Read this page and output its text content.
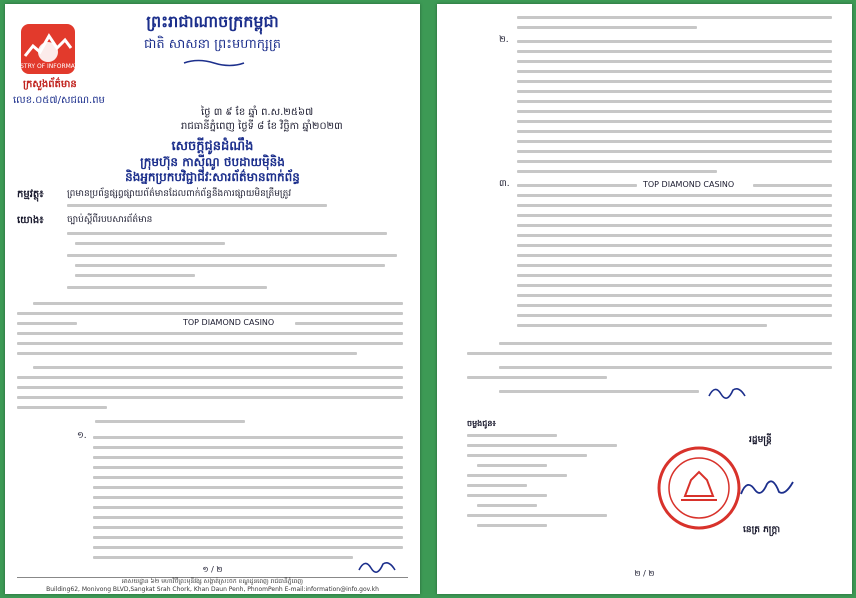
MINISTRY OF INFORMATION
ក្រសួងព័ត៌មាន
លេខ.០៥៧/សជណ.ពម
ព្រះរាជាណាចក្រកម្ពុជា
ជាតិ សាសនា ព្រះមហាក្សត្រ
ថ្ងៃ ៣ ៩ ខែ ឆ្នាំ ព.ស.២៥៦៧
រាជធានីភ្នំពេញ ថ្ងៃទី ៨ ខែ វិច្ឆិកា ឆ្នាំ២០២៣
សេចក្ដីជូនដំណឹង
ក្រុមហ៊ុន កាស៊ីណូ ថបដាយម៉ិនិង
និងអ្នកប្រកបវិជ្ជាជីវៈសារព័ត៌មានពាក់ព័ន្ធ
កម្មវត្ថុ៖	ព្រមានប្រព័ន្ធផ្សព្វផ្សាយព័ត៌មានដែលពាក់ព័ន្ធនឹងការផ្សាយមិនត្រឹមត្រូវ
យោង៖	ច្បាប់ស្ដីពីរបបសារព័ត៌មាន
TOP DIAMOND CASINO
១.
១ / ២
អាសយដ្ឋាន ៦២ មហាវិថីព្រះមុនីវង្ស សង្កាត់ស្រះចក ខណ្ឌដូនពេញ រាជធានីភ្នំពេញ
Building62, Monivong BLVD,Sangkat Srah Chork, Khan Daun Penh, PhnomPenh E-mail:information@info.gov.kh
២.
៣.	TOP DIAMOND CASINO
ចម្លងជូន៖
រដ្ឋមន្ត្រី
នេត្រ ភក្ត្រា
២ / ២
